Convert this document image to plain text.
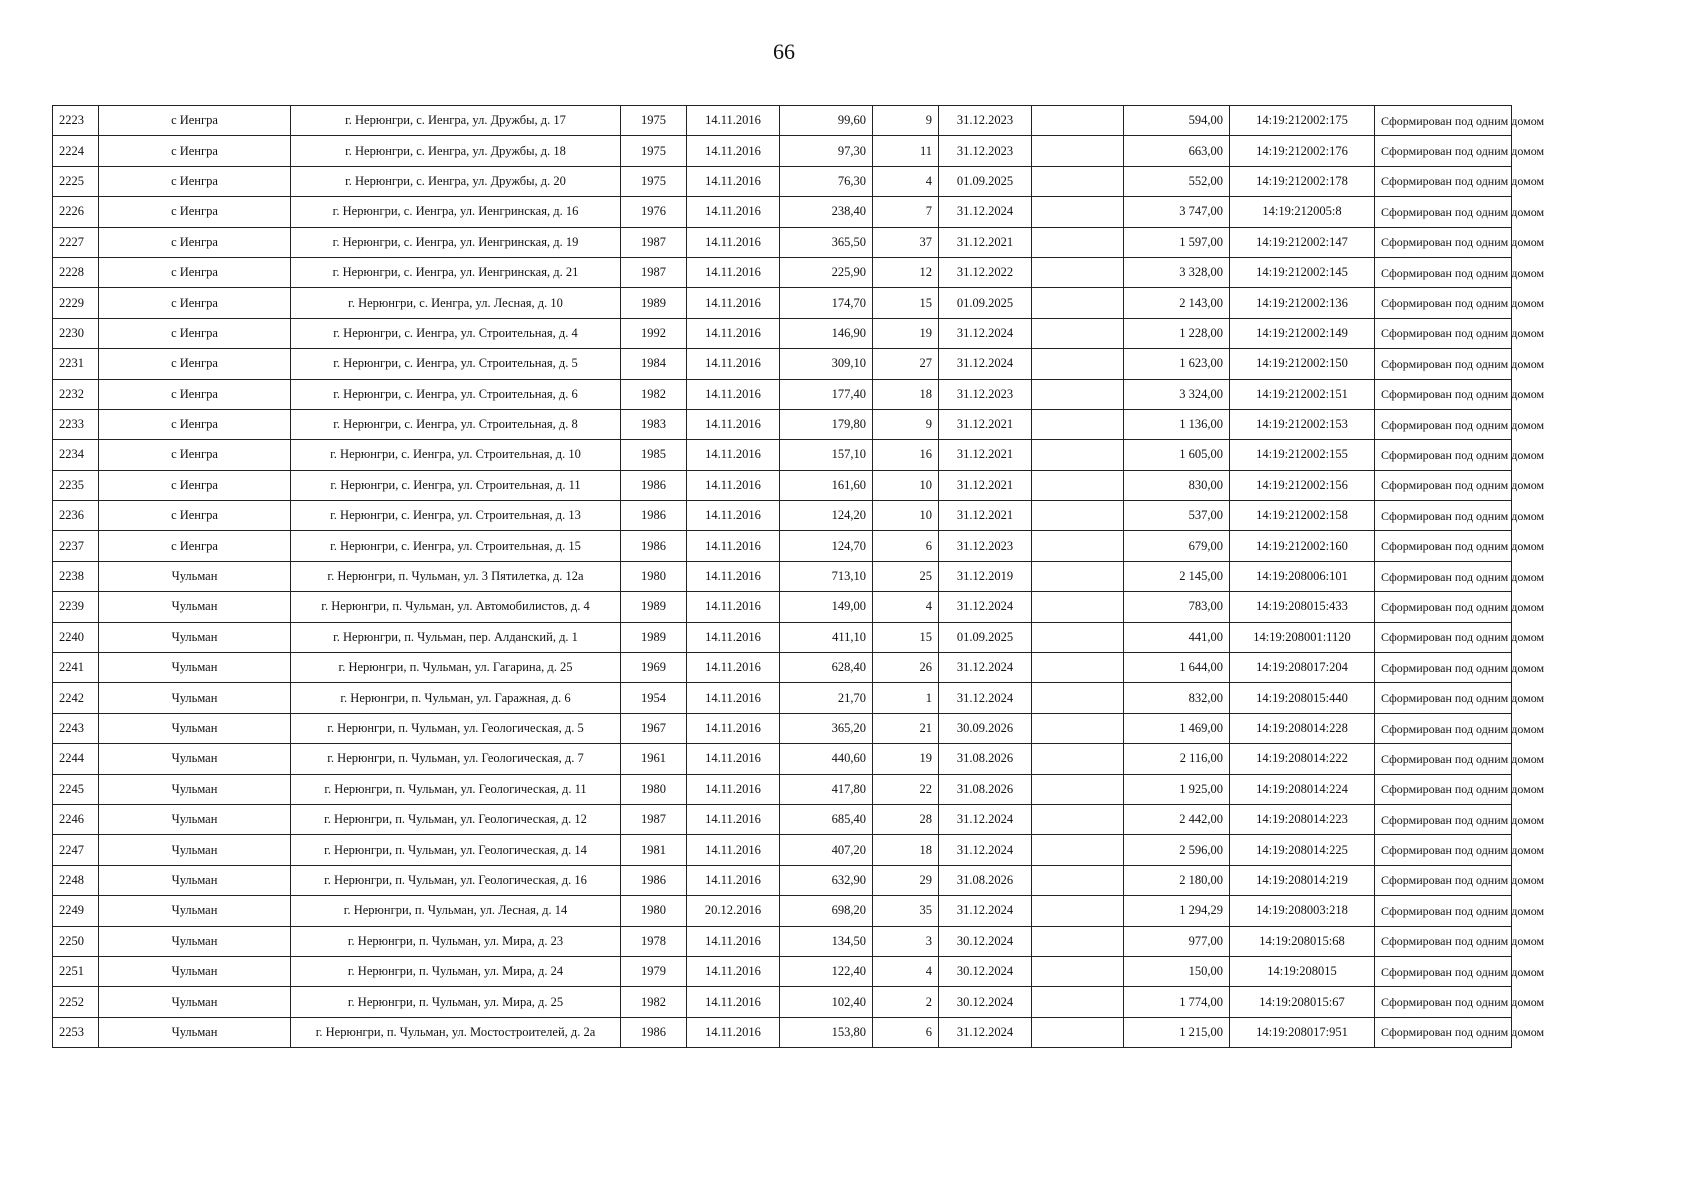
66
2223	с Иенгра	г. Нерюнгри, с. Иенгра, ул. Дружбы, д. 17	1975	14.11.2016	99,60	9	31.12.2023		594,00	14:19:212002:175	Сформирован под одним домом
2224	с Иенгра	г. Нерюнгри, с. Иенгра, ул. Дружбы, д. 18	1975	14.11.2016	97,30	11	31.12.2023		663,00	14:19:212002:176	Сформирован под одним домом
2225	с Иенгра	г. Нерюнгри, с. Иенгра, ул. Дружбы, д. 20	1975	14.11.2016	76,30	4	01.09.2025		552,00	14:19:212002:178	Сформирован под одним домом
2226	с Иенгра	г. Нерюнгри, с. Иенгра, ул. Иенгринская, д. 16	1976	14.11.2016	238,40	7	31.12.2024		3 747,00	14:19:212005:8	Сформирован под одним домом
2227	с Иенгра	г. Нерюнгри, с. Иенгра, ул. Иенгринская, д. 19	1987	14.11.2016	365,50	37	31.12.2021		1 597,00	14:19:212002:147	Сформирован под одним домом
2228	с Иенгра	г. Нерюнгри, с. Иенгра, ул. Иенгринская, д. 21	1987	14.11.2016	225,90	12	31.12.2022		3 328,00	14:19:212002:145	Сформирован под одним домом
2229	с Иенгра	г. Нерюнгри, с. Иенгра, ул. Лесная, д. 10	1989	14.11.2016	174,70	15	01.09.2025		2 143,00	14:19:212002:136	Сформирован под одним домом
2230	с Иенгра	г. Нерюнгри, с. Иенгра, ул. Строительная, д. 4	1992	14.11.2016	146,90	19	31.12.2024		1 228,00	14:19:212002:149	Сформирован под одним домом
2231	с Иенгра	г. Нерюнгри, с. Иенгра, ул. Строительная, д. 5	1984	14.11.2016	309,10	27	31.12.2024		1 623,00	14:19:212002:150	Сформирован под одним домом
2232	с Иенгра	г. Нерюнгри, с. Иенгра, ул. Строительная, д. 6	1982	14.11.2016	177,40	18	31.12.2023		3 324,00	14:19:212002:151	Сформирован под одним домом
2233	с Иенгра	г. Нерюнгри, с. Иенгра, ул. Строительная, д. 8	1983	14.11.2016	179,80	9	31.12.2021		1 136,00	14:19:212002:153	Сформирован под одним домом
2234	с Иенгра	г. Нерюнгри, с. Иенгра, ул. Строительная, д. 10	1985	14.11.2016	157,10	16	31.12.2021		1 605,00	14:19:212002:155	Сформирован под одним домом
2235	с Иенгра	г. Нерюнгри, с. Иенгра, ул. Строительная, д. 11	1986	14.11.2016	161,60	10	31.12.2021		830,00	14:19:212002:156	Сформирован под одним домом
2236	с Иенгра	г. Нерюнгри, с. Иенгра, ул. Строительная, д. 13	1986	14.11.2016	124,20	10	31.12.2021		537,00	14:19:212002:158	Сформирован под одним домом
2237	с Иенгра	г. Нерюнгри, с. Иенгра, ул. Строительная, д. 15	1986	14.11.2016	124,70	6	31.12.2023		679,00	14:19:212002:160	Сформирован под одним домом
2238	Чульман	г. Нерюнгри, п. Чульман, ул. 3 Пятилетка, д. 12а	1980	14.11.2016	713,10	25	31.12.2019		2 145,00	14:19:208006:101	Сформирован под одним домом
2239	Чульман	г. Нерюнгри, п. Чульман, ул. Автомобилистов, д. 4	1989	14.11.2016	149,00	4	31.12.2024		783,00	14:19:208015:433	Сформирован под одним домом
2240	Чульман	г. Нерюнгри, п. Чульман, пер. Алданский, д. 1	1989	14.11.2016	411,10	15	01.09.2025		441,00	14:19:208001:1120	Сформирован под одним домом
2241	Чульман	г. Нерюнгри, п. Чульман, ул. Гагарина, д. 25	1969	14.11.2016	628,40	26	31.12.2024		1 644,00	14:19:208017:204	Сформирован под одним домом
2242	Чульман	г. Нерюнгри, п. Чульман, ул. Гаражная, д. 6	1954	14.11.2016	21,70	1	31.12.2024		832,00	14:19:208015:440	Сформирован под одним домом
2243	Чульман	г. Нерюнгри, п. Чульман, ул. Геологическая, д. 5	1967	14.11.2016	365,20	21	30.09.2026		1 469,00	14:19:208014:228	Сформирован под одним домом
2244	Чульман	г. Нерюнгри, п. Чульман, ул. Геологическая, д. 7	1961	14.11.2016	440,60	19	31.08.2026		2 116,00	14:19:208014:222	Сформирован под одним домом
2245	Чульман	г. Нерюнгри, п. Чульман, ул. Геологическая, д. 11	1980	14.11.2016	417,80	22	31.08.2026		1 925,00	14:19:208014:224	Сформирован под одним домом
2246	Чульман	г. Нерюнгри, п. Чульман, ул. Геологическая, д. 12	1987	14.11.2016	685,40	28	31.12.2024		2 442,00	14:19:208014:223	Сформирован под одним домом
2247	Чульман	г. Нерюнгри, п. Чульман, ул. Геологическая, д. 14	1981	14.11.2016	407,20	18	31.12.2024		2 596,00	14:19:208014:225	Сформирован под одним домом
2248	Чульман	г. Нерюнгри, п. Чульман, ул. Геологическая, д. 16	1986	14.11.2016	632,90	29	31.08.2026		2 180,00	14:19:208014:219	Сформирован под одним домом
2249	Чульман	г. Нерюнгри, п. Чульман, ул. Лесная, д. 14	1980	20.12.2016	698,20	35	31.12.2024		1 294,29	14:19:208003:218	Сформирован под одним домом
2250	Чульман	г. Нерюнгри, п. Чульман, ул. Мира, д. 23	1978	14.11.2016	134,50	3	30.12.2024		977,00	14:19:208015:68	Сформирован под одним домом
2251	Чульман	г. Нерюнгри, п. Чульман, ул. Мира, д. 24	1979	14.11.2016	122,40	4	30.12.2024		150,00	14:19:208015	Сформирован под одним домом
2252	Чульман	г. Нерюнгри, п. Чульман, ул. Мира, д. 25	1982	14.11.2016	102,40	2	30.12.2024		1 774,00	14:19:208015:67	Сформирован под одним домом
2253	Чульман	г. Нерюнгри, п. Чульман, ул. Мостостроителей, д. 2а	1986	14.11.2016	153,80	6	31.12.2024		1 215,00	14:19:208017:951	Сформирован под одним домом
